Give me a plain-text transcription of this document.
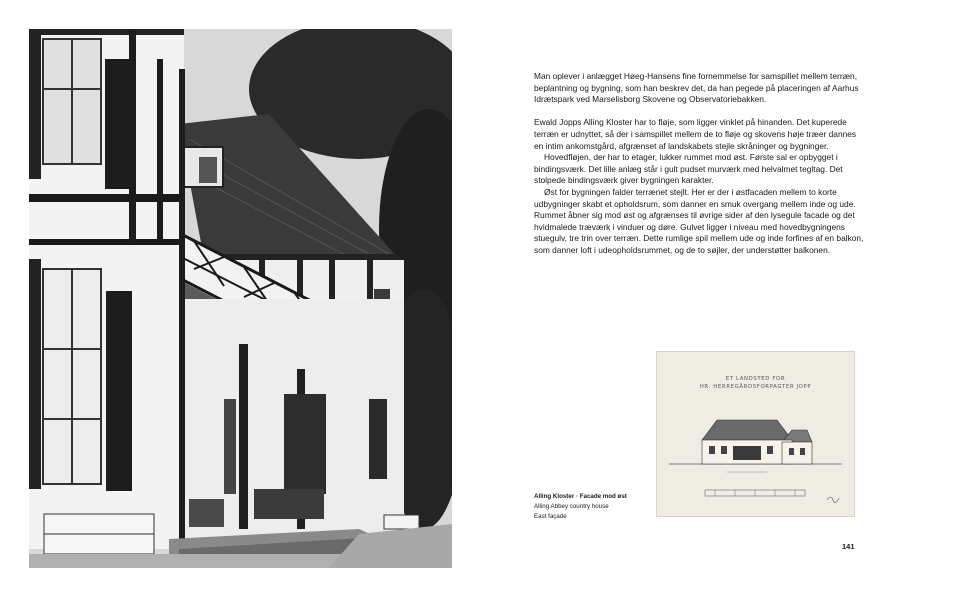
Man oplever i anlægget Høeg-Hansens fine fornemmelse for samspillet mellem terræn, beplantning og bygning, som han beskrev det, da han pegede på placeringen af Aarhus Idrætspark ved Marselisborg Skovene og Observatoriebakken.

Ewald Jopps Alling Kloster har to fløje, som ligger vinklet på hinanden. Det kuperede terræn er udnyttet, så der i samspillet mellem de to fløje og skovens høje træer dannes en intim ankomstgård, afgrænset af landskabets stejle skråninger og bygninger.

Hovedfløjen, der har to etager, lukker rummet mod øst. Første sal er opbygget i bindingsværk. Det lille anlæg står i gult pudset murværk med helvalmet tegltag. Det stolpede bindingsværk giver bygningen karakter.

Øst for bygningen falder terrænet stejlt. Her er der i østfacaden mellem to korte udbygninger skabt et opholdsrum, som danner en smuk overgang mellem inde og ude. Rummet åbner sig mod øst og afgrænses til øvrige sider af den lysegule facade og det hvidmalede træværk i vinduer og døre. Gulvet ligger i niveau med hovedbygningens stuegulv, tre trin over terræn. Dette rumlige spil mellem ude og inde forfines af en balkon, som danner loft i udeopholdsrummet, og de to søjler, der understøtter balkonen.

ET LANDSTED FOR
HR. HERREGÅRDSFORPAGTER JOPP
Alling Kloster · Facade mod øst
Alling Abbey country house
East façade
141
